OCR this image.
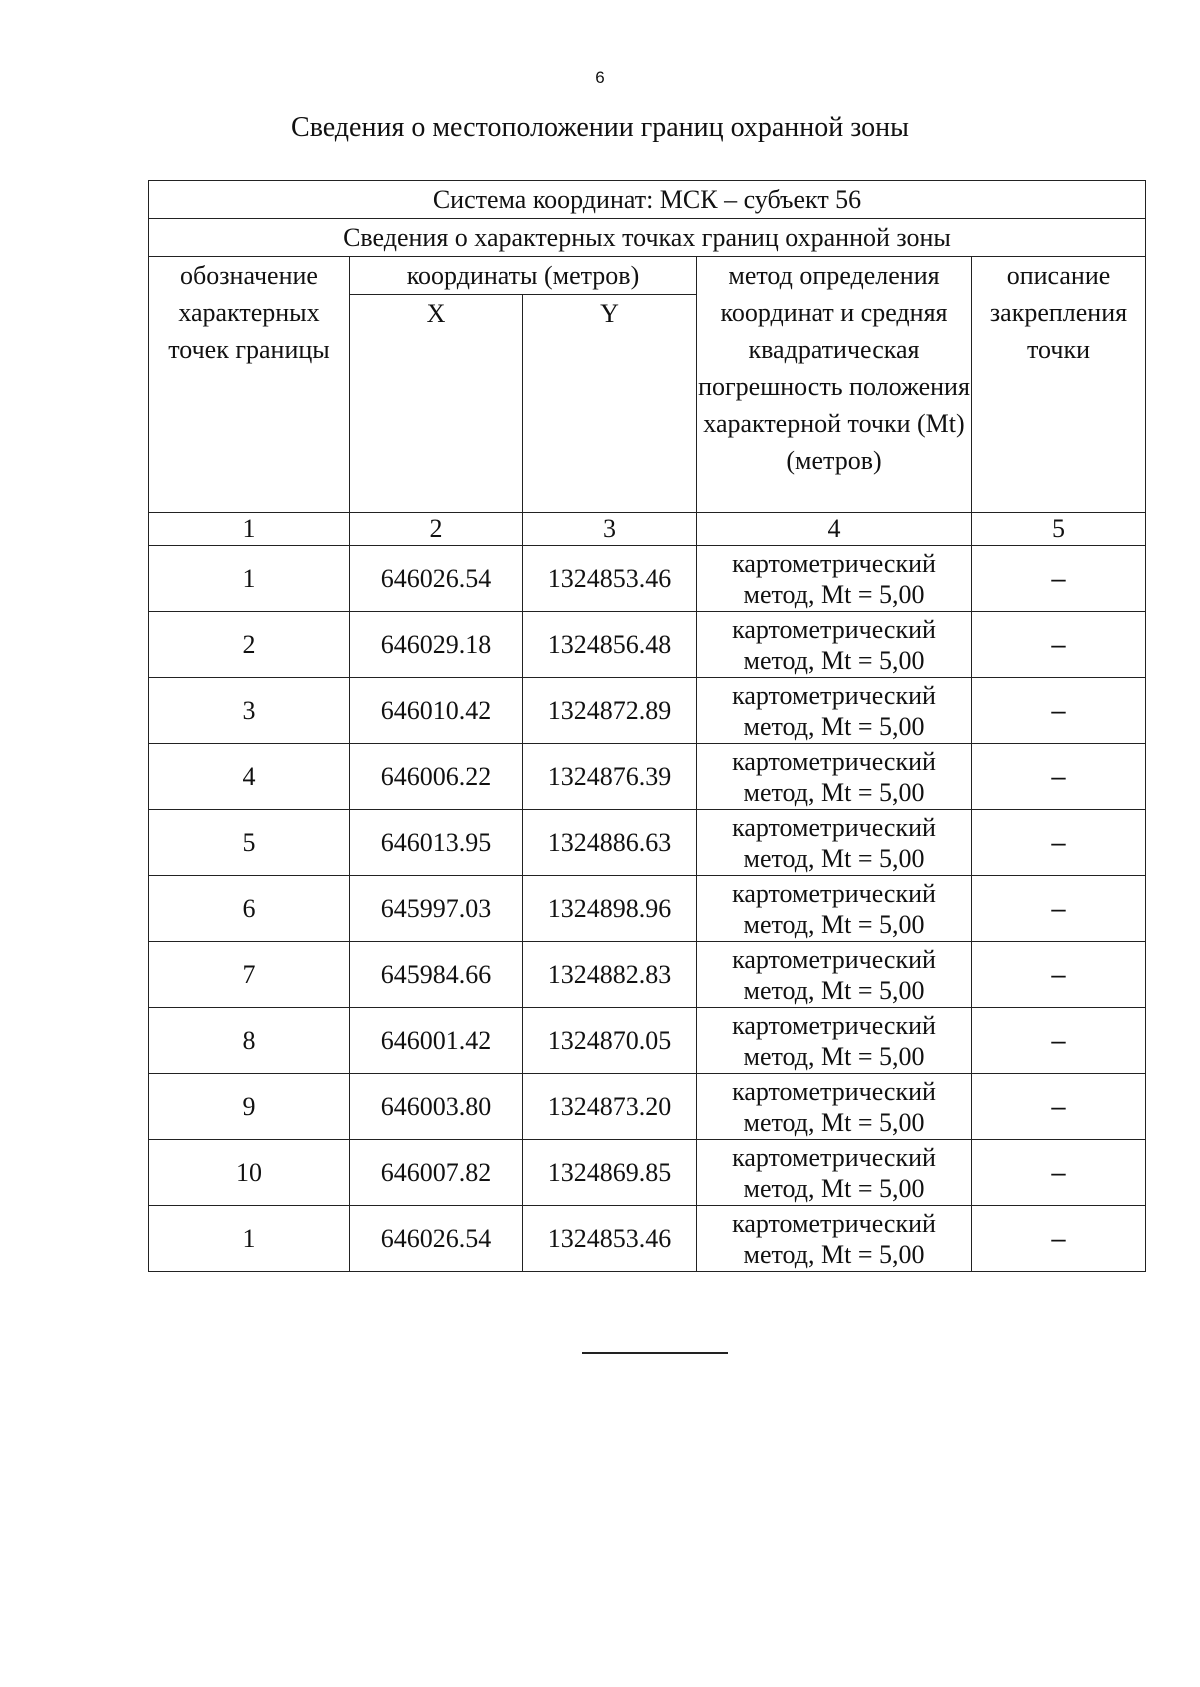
6
Сведения о местоположении границ охранной зоны
Система координат: МСК – субъект 56				
Сведения о характерных точках границ охранной зоны				
обозначение характерных точек границы	координаты (метров)		метод определения координат и средняя квадратическая погрешность положения характерной точки (Mt) (метров)	описание закрепления точки
	X	Y		
1	2	3	4	5
1	646026.54	1324853.46	картометрический метод, Mt = 5,00	–
2	646029.18	1324856.48	картометрический метод, Mt = 5,00	–
3	646010.42	1324872.89	картометрический метод, Mt = 5,00	–
4	646006.22	1324876.39	картометрический метод, Mt = 5,00	–
5	646013.95	1324886.63	картометрический метод, Mt = 5,00	–
6	645997.03	1324898.96	картометрический метод, Mt = 5,00	–
7	645984.66	1324882.83	картометрический метод, Mt = 5,00	–
8	646001.42	1324870.05	картометрический метод, Mt = 5,00	–
9	646003.80	1324873.20	картометрический метод, Mt = 5,00	–
10	646007.82	1324869.85	картометрический метод, Mt = 5,00	–
1	646026.54	1324853.46	картометрический метод, Mt = 5,00	–
